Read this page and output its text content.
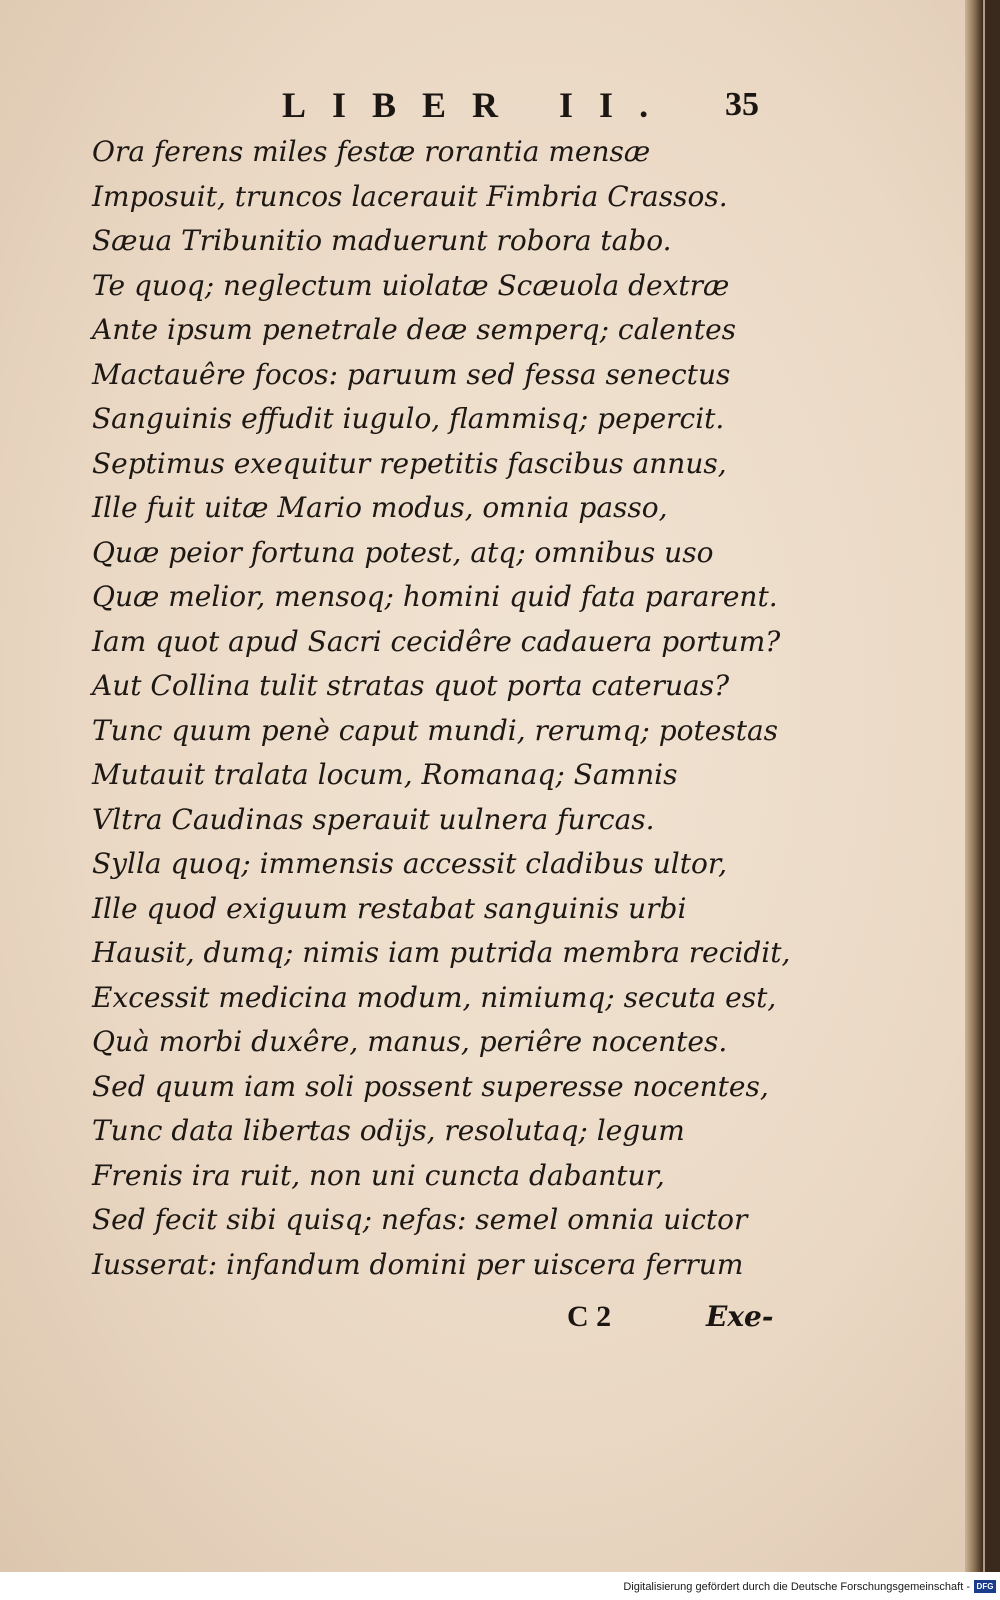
LIBER II. 35
Ora ferens miles festæ rorantia mensæ
Imposuit, truncos lacerauit Fimbria Crassos.
Sæua Tribunitio maduerunt robora tabo.
Te quoq; neglectum uiolatæ Scæuola dextræ
Ante ipsum penetrale deæ semperq; calentes
Mactauêre focos: paruum sed fessa senectus
Sanguinis effudit iugulo, flammisq; pepercit.
Septimus exequitur repetitis fascibus annus,
Ille fuit uitæ Mario modus, omnia passo,
Quæ peior fortuna potest, atq; omnibus uso
Quæ melior, mensoq; homini quid fata pararent.
Iam quot apud Sacri cecidêre cadauera portum?
Aut Collina tulit stratas quot porta cateruas?
Tunc quum penè caput mundi, rerumq; potestas
Mutauit tralata locum, Romanaq; Samnis
Vltra Caudinas sperauit uulnera furcas.
Sylla quoq; immensis accessit cladibus ultor,
Ille quod exiguum restabat sanguinis urbi
Hausit, dumq; nimis iam putrida membra recidit,
Excessit medicina modum, nimiumq; secuta est,
Quà morbi duxêre, manus, periêre nocentes.
Sed quum iam soli possent superesse nocentes,
Tunc data libertas odijs, resolutaq; legum
Frenis ira ruit, non uni cuncta dabantur,
Sed fecit sibi quisq; nefas: semel omnia uictor
Iusserat: infandum domini per uiscera ferrum
C 2	Exe-
Digitalisierung gefördert durch die Deutsche Forschungsgemeinschaft - DFG
